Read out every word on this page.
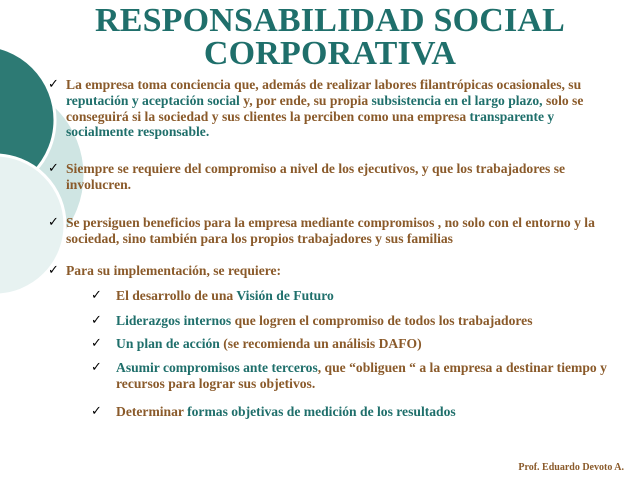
RESPONSABILIDAD SOCIAL
CORPORATIVA
✓ La empresa toma conciencia que, además de realizar labores filantrópicas ocasionales, su reputación y aceptación social y, por ende, su propia subsistencia en el largo plazo, solo se conseguirá si la sociedad y sus clientes la perciben como una empresa transparente y socialmente responsable.
✓ Siempre se requiere del compromiso a nivel de los ejecutivos, y que los trabajadores se involucren.
✓ Se persiguen beneficios para la empresa mediante compromisos , no solo con el entorno y la sociedad, sino también para los propios trabajadores y sus familias
✓ Para su implementación, se requiere:
✓ El desarrollo de una Visión de Futuro
✓ Liderazgos internos que logren el compromiso de todos los trabajadores
✓ Un plan de acción (se recomienda un análisis DAFO)
✓ Asumir compromisos ante terceros, que “obliguen “ a la empresa a destinar tiempo y recursos para lograr sus objetivos.
✓ Determinar formas objetivas de medición de los resultados
Prof. Eduardo Devoto A.
